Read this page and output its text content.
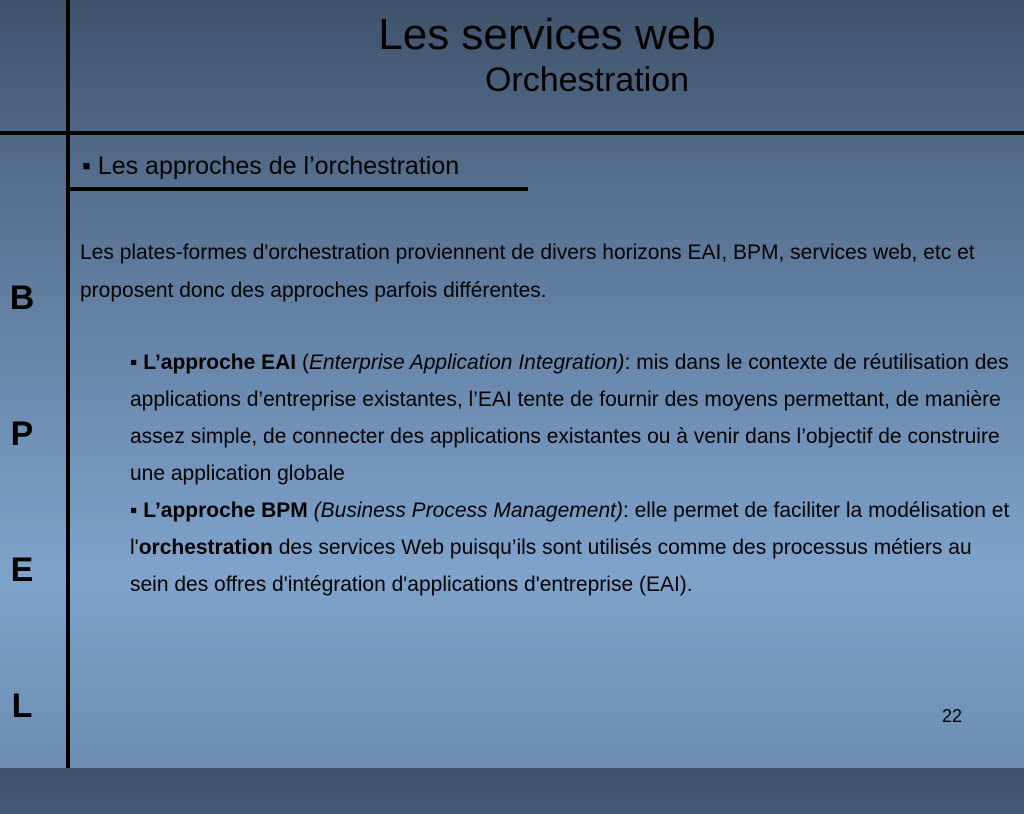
Les services web
Orchestration
B
P
E
L
▪ Les approches de l’orchestration
Les plates-formes d'orchestration proviennent de divers horizons EAI, BPM, services web, etc et proposent donc des approches parfois différentes.

▪ L’approche EAI (Enterprise Application Integration): mis dans le contexte de réutilisation des applications d’entreprise existantes, l’EAI tente de fournir des moyens permettant, de manière assez simple, de connecter des applications existantes ou à venir dans l’objectif de construire une application globale

▪ L’approche BPM (Business Process Management): elle permet de faciliter la modélisation et l'orchestration des services Web puisqu’ils sont utilisés comme des processus métiers au sein des offres d'intégration d'applications d'entreprise (EAI).

22
